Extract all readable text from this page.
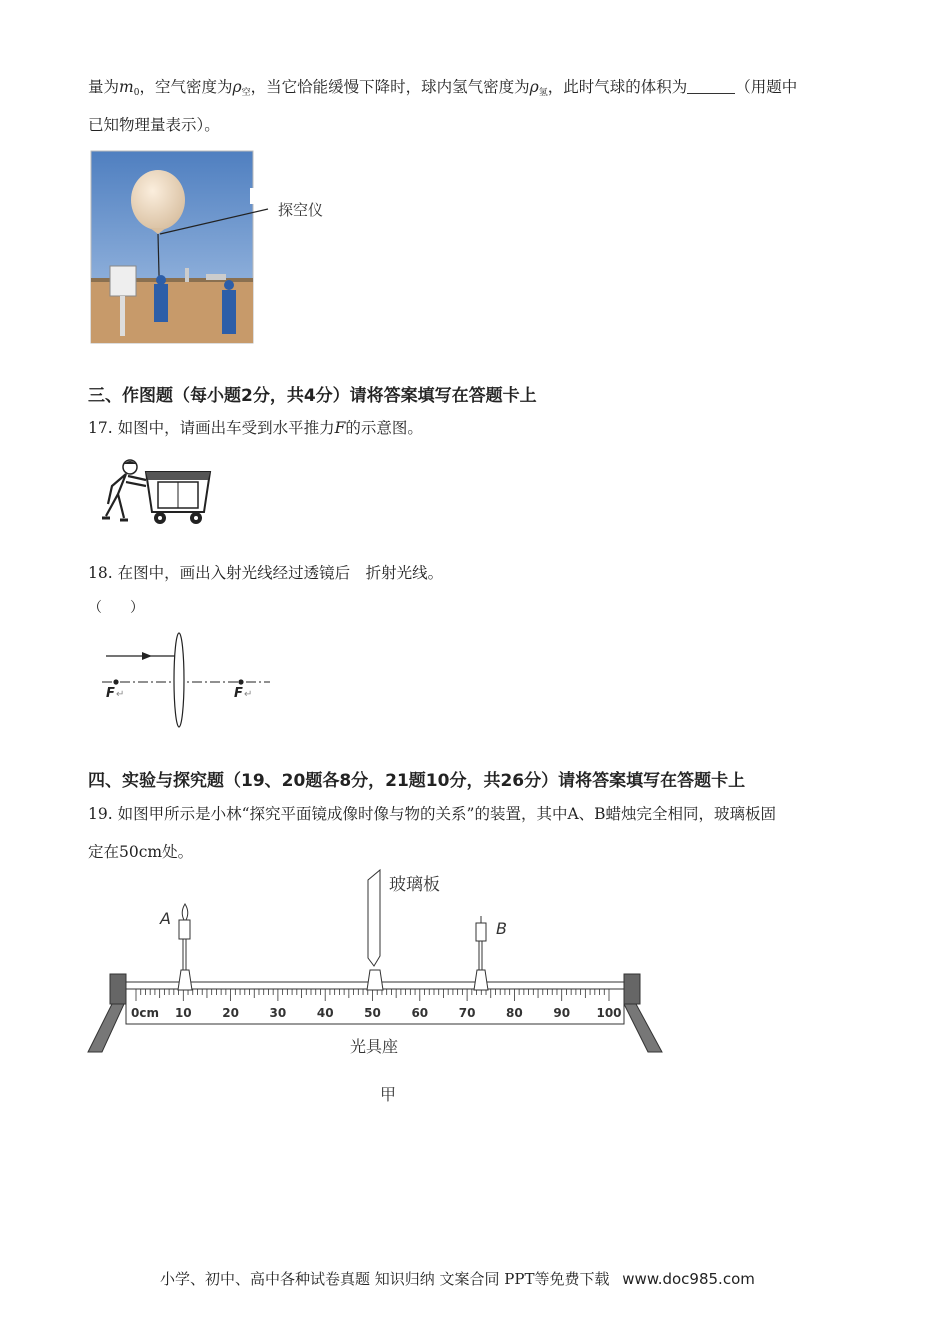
量为$m_0$，空气密度为$\rho_空$，当它恰能缓慢下降时，球内氢气密度为$\rho_氢$，此时气球的体积为	（用题中
已知物理量表示）。
探空仪
三、作图题（每小题2分，共4分）请将答案填写在答题卡上
17. 如图中，请画出车受到水平推力F的示意图。
18. 在图中，画出入射光线经过透镜后　折射光线。
（　　）
F ↵	F ↵
四、实验与探究题（19、20题各8分，21题10分，共26分）请将答案填写在答题卡上
19. 如图甲所示是小林“探究平面镜成像时像与物的关系”的装置，其中A、B蜡烛完全相同，玻璃板固
定在50cm处。
0cm 10	20	30	40	50	60	70	80	90 100
A
玻璃板
B
光具座
甲
小学、初中、高中各种试卷真题 知识归纳 文案合同 PPT等免费下载 www.doc985.com
